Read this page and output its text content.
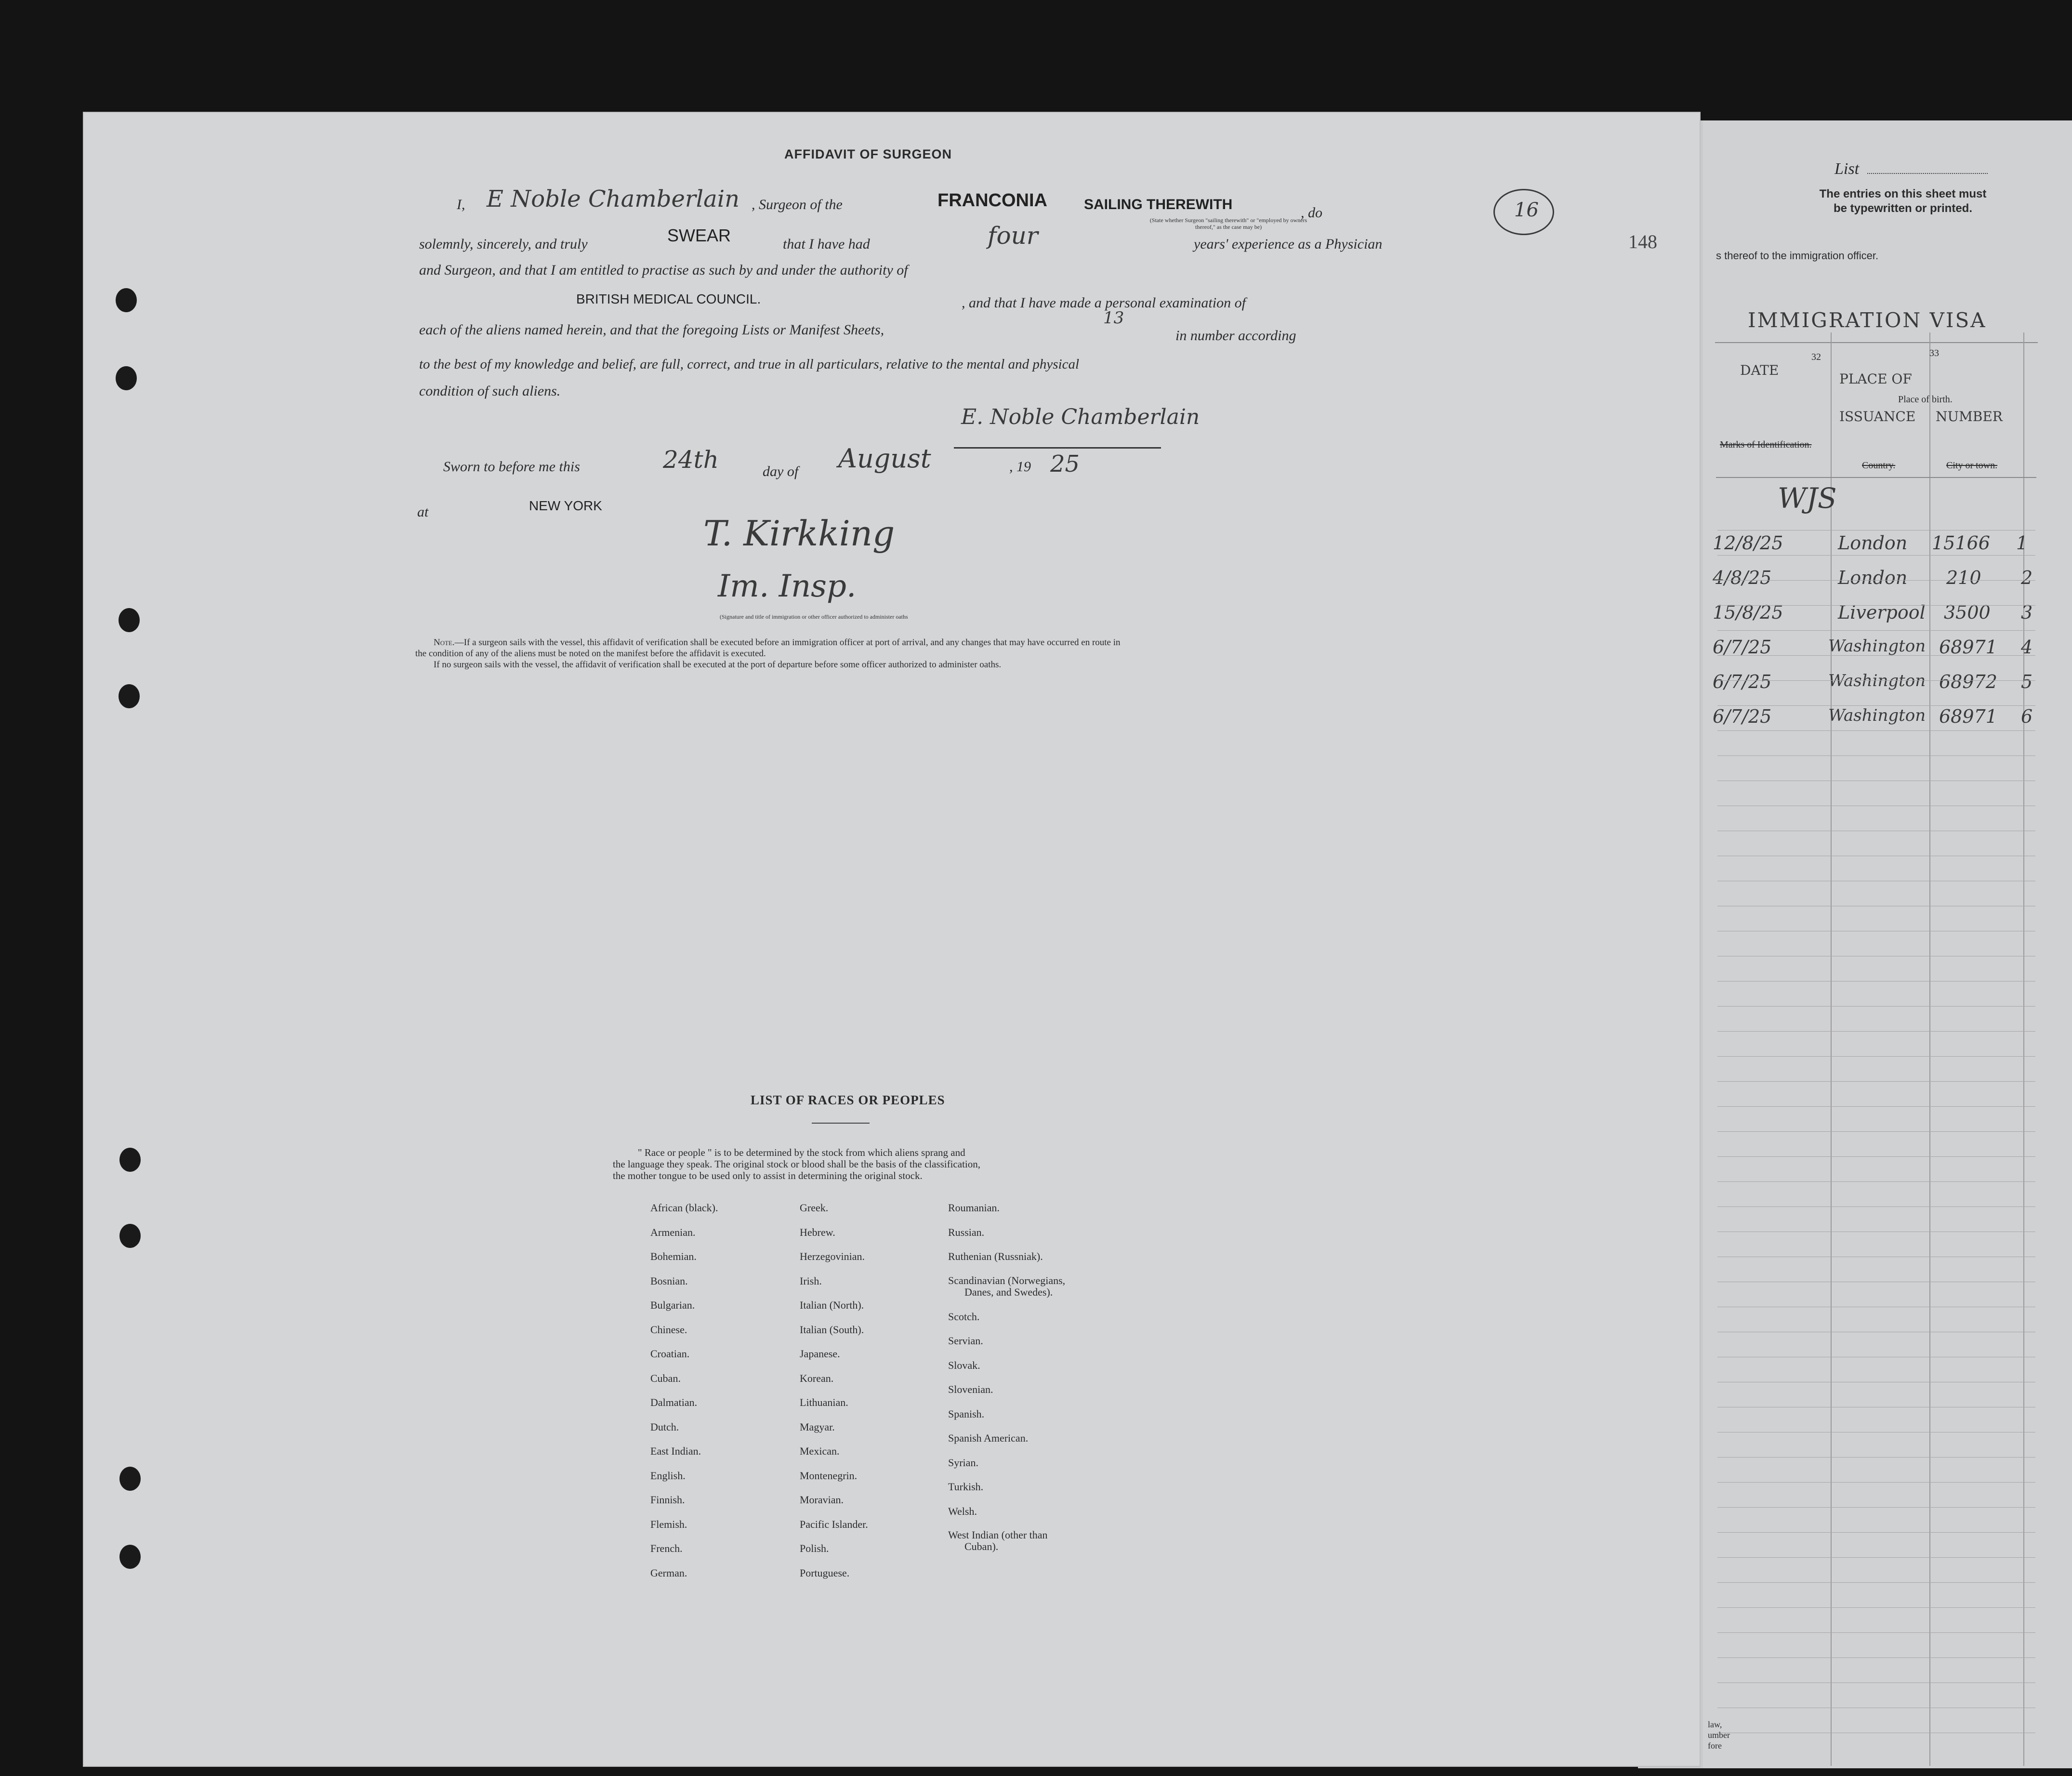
AFFIDAVIT OF SURGEON
16
148
I, E Noble Chamberlain , Surgeon of the	FRANCONIA	SAILING THEREWITH
, do
(State whether Surgeon "sailing therewith" or "employed by owners thereof," as the case may be)
solemnly, sincerely, and truly	SWEAR	that I have had	four	years' experience as a Physician
and Surgeon, and that I am entitled to practise as such by and under the authority of
BRITISH MEDICAL COUNCIL.	, and that I have made a personal examination of
each of the aliens named herein, and that the foregoing Lists or Manifest Sheets,
13
in number according
to the best of my knowledge and belief, are full, correct, and true in all particulars, relative to the mental and physical
condition of such aliens.
E. Noble Chamberlain
Sworn to before me this	24th	day of August	, 19 25
at	NEW YORK
T. Kirkking
Im. Insp.
(Signature and title of immigration or other officer authorized to administer oaths
Note.—If a surgeon sails with the vessel, this affidavit of verification shall be executed before an immigration officer at port of arrival, and any changes that may have occurred en route in
the condition of any of the aliens must be noted on the manifest before the affidavit is executed.
If no surgeon sails with the vessel, the affidavit of verification shall be executed at the port of departure before some officer authorized to administer oaths.
LIST OF RACES OR PEOPLES
" Race or people " is to be determined by the stock from which aliens sprang and
the language they speak. The original stock or blood shall be the basis of the classification,
the mother tongue to be used only to assist in determining the original stock.
African (black).
Armenian.
Bohemian.
Bosnian.
Bulgarian.
Chinese.
Croatian.
Cuban.
Dalmatian.
Dutch.
East Indian.
English.
Finnish.
Flemish.
French.
German.
Greek.
Hebrew.
Herzegovinian.
Irish.
Italian (North).
Italian (South).
Japanese.
Korean.
Lithuanian.
Magyar.
Mexican.
Montenegrin.
Moravian.
Pacific Islander.
Polish.
Portuguese.
Roumanian.
Russian.
Ruthenian (Russniak).
Scandinavian (Norwegians,
Danes, and Swedes).
Scotch.
Servian.
Slovak.
Slovenian.
Spanish.
Spanish American.
Syrian.
Turkish.
Welsh.
West Indian (other than
Cuban).
List
The entries on this sheet must
be typewritten or printed.
s thereof to the immigration officer.
IMMIGRATION VISA
32	33
DATE
PLACE OF
Place of birth.
ISSUANCE NUMBER
Marks of Identification.
Country.	City or town.
WJS
12/8/25	London 15166 1
4/8/25	London 210 2
15/8/25	Liverpool 3500 3
6/7/25	Washington 68971 4
6/7/25	Washington 68972 5
6/7/25	Washington 68971 6
law,
umber
fore
